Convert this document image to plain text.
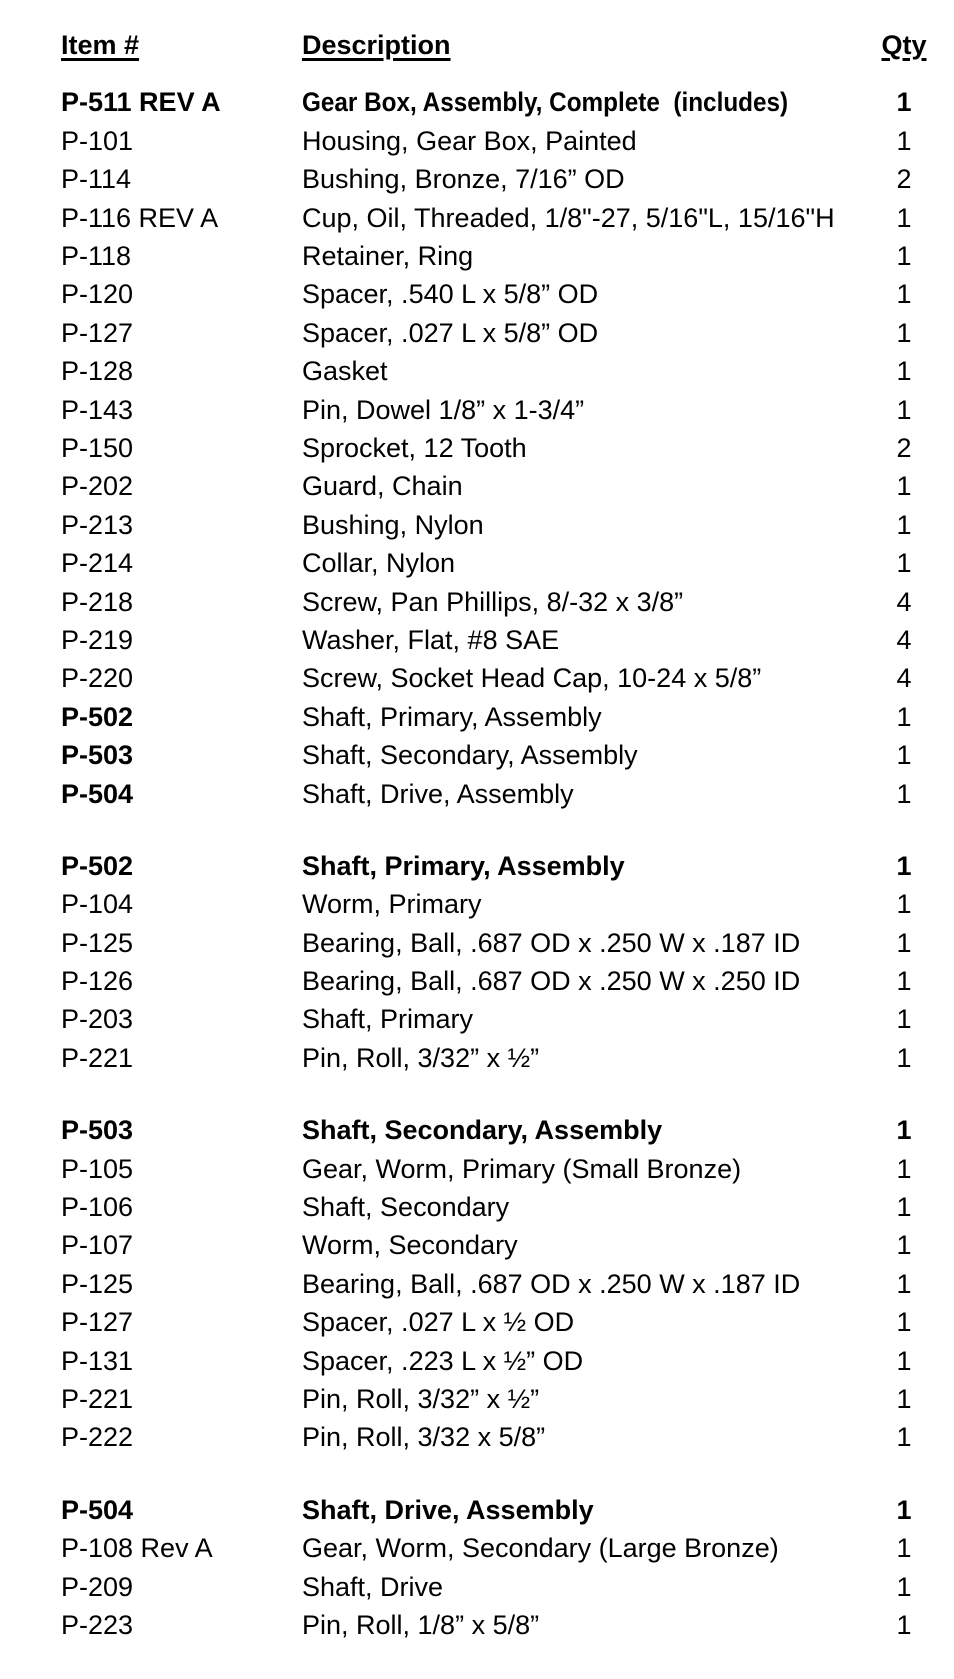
Item #	Description	Qty
P-511 REV A	Gear Box, Assembly, Complete  (includes)	1
P-101	Housing, Gear Box, Painted	1
P-114	Bushing, Bronze, 7/16” OD	2
P-116 REV A	Cup, Oil, Threaded, 1/8"-27, 5/16"L, 15/16"H	1
P-118	Retainer, Ring	1
P-120	Spacer, .540 L x 5/8” OD	1
P-127	Spacer, .027 L x 5/8” OD	1
P-128	Gasket	1
P-143	Pin, Dowel 1/8” x 1-3/4”	1
P-150	Sprocket, 12 Tooth	2
P-202	Guard, Chain	1
P-213	Bushing, Nylon	1
P-214	Collar, Nylon	1
P-218	Screw, Pan Phillips, 8/-32 x 3/8”	4
P-219	Washer, Flat, #8 SAE	4
P-220	Screw, Socket Head Cap, 10-24 x 5/8”	4
P-502	Shaft, Primary, Assembly	1
P-503	Shaft, Secondary, Assembly	1
P-504	Shaft, Drive, Assembly	1
P-502	Shaft, Primary, Assembly	1
P-104	Worm, Primary	1
P-125	Bearing, Ball, .687 OD x .250 W x .187 ID	1
P-126	Bearing, Ball, .687 OD x .250 W x .250 ID	1
P-203	Shaft, Primary	1
P-221	Pin, Roll, 3/32” x ½”	1
P-503	Shaft, Secondary, Assembly	1
P-105	Gear, Worm, Primary (Small Bronze)	1
P-106	Shaft, Secondary	1
P-107	Worm, Secondary	1
P-125	Bearing, Ball, .687 OD x .250 W x .187 ID	1
P-127	Spacer, .027 L x ½ OD	1
P-131	Spacer, .223 L x ½” OD	1
P-221	Pin, Roll, 3/32” x ½”	1
P-222	Pin, Roll, 3/32 x 5/8”	1
P-504	Shaft, Drive, Assembly	1
P-108 Rev A	Gear, Worm, Secondary (Large Bronze)	1
P-209	Shaft, Drive	1
P-223	Pin, Roll, 1/8” x 5/8”	1
